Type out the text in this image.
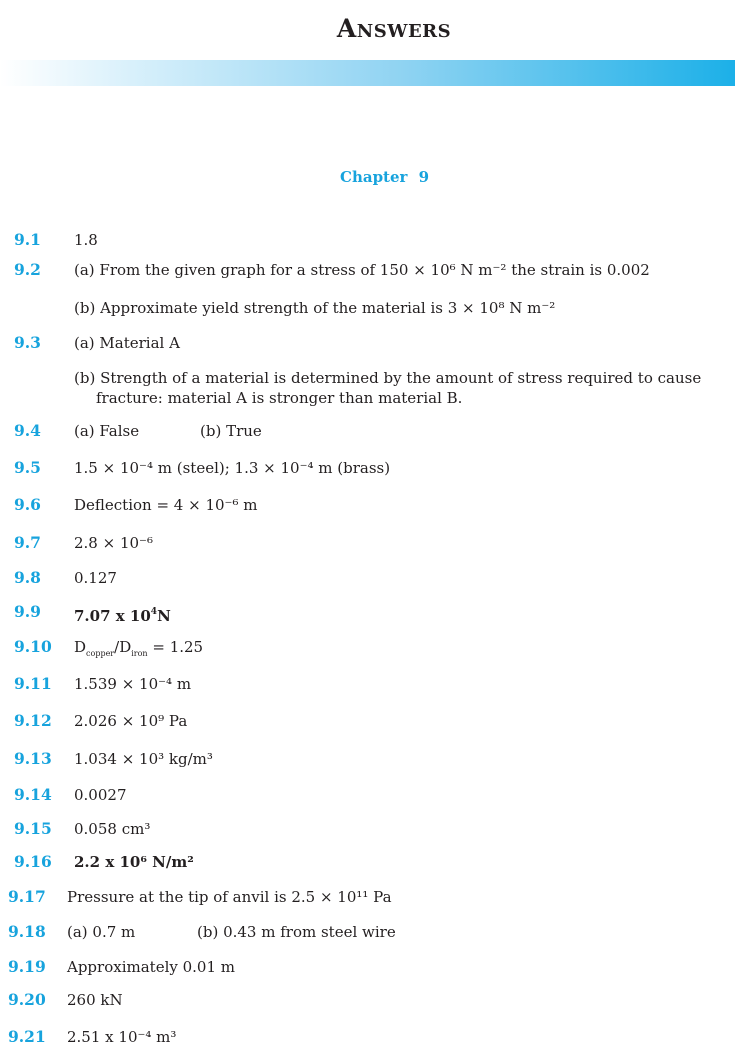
Answers
Chapter 9
9.1 1.8
9.2 (a) From the given graph for a stress of 150 × 10⁶ N m⁻² the strain is 0.002
(b) Approximate yield strength of the material is 3 × 10⁸ N m⁻²
9.3 (a) Material A
(b) Strength of a material is determined by the amount of stress required to cause

fracture: material A is stronger than material B.
9.4 (a) False	(b) True
9.5 1.5 × 10⁻⁴ m (steel); 1.3 × 10⁻⁴ m (brass)
9.6 Deflection = 4 × 10⁻⁶ m
9.7 2.8 × 10⁻⁶
9.8 0.127
9.9 7.07 x $10^4N$
9.10 $D_{copper}/D_{iron} = 1.25$
9.11 1.539 × 10⁻⁴ m
9.12 2.026 × 10⁹ Pa
9.13 1.034 × 10³ kg/m³
9.14 0.0027
9.15 0.058 cm³
9.16 2.2 x 10⁶ N/m²
9.17 Pressure at the tip of anvil is 2.5 × 10¹¹ Pa
9.18 (a) 0.7 m	(b) 0.43 m from steel wire
9.19 Approximately 0.01 m
9.20 260 kN
9.21 2.51 x 10⁻⁴ m³
